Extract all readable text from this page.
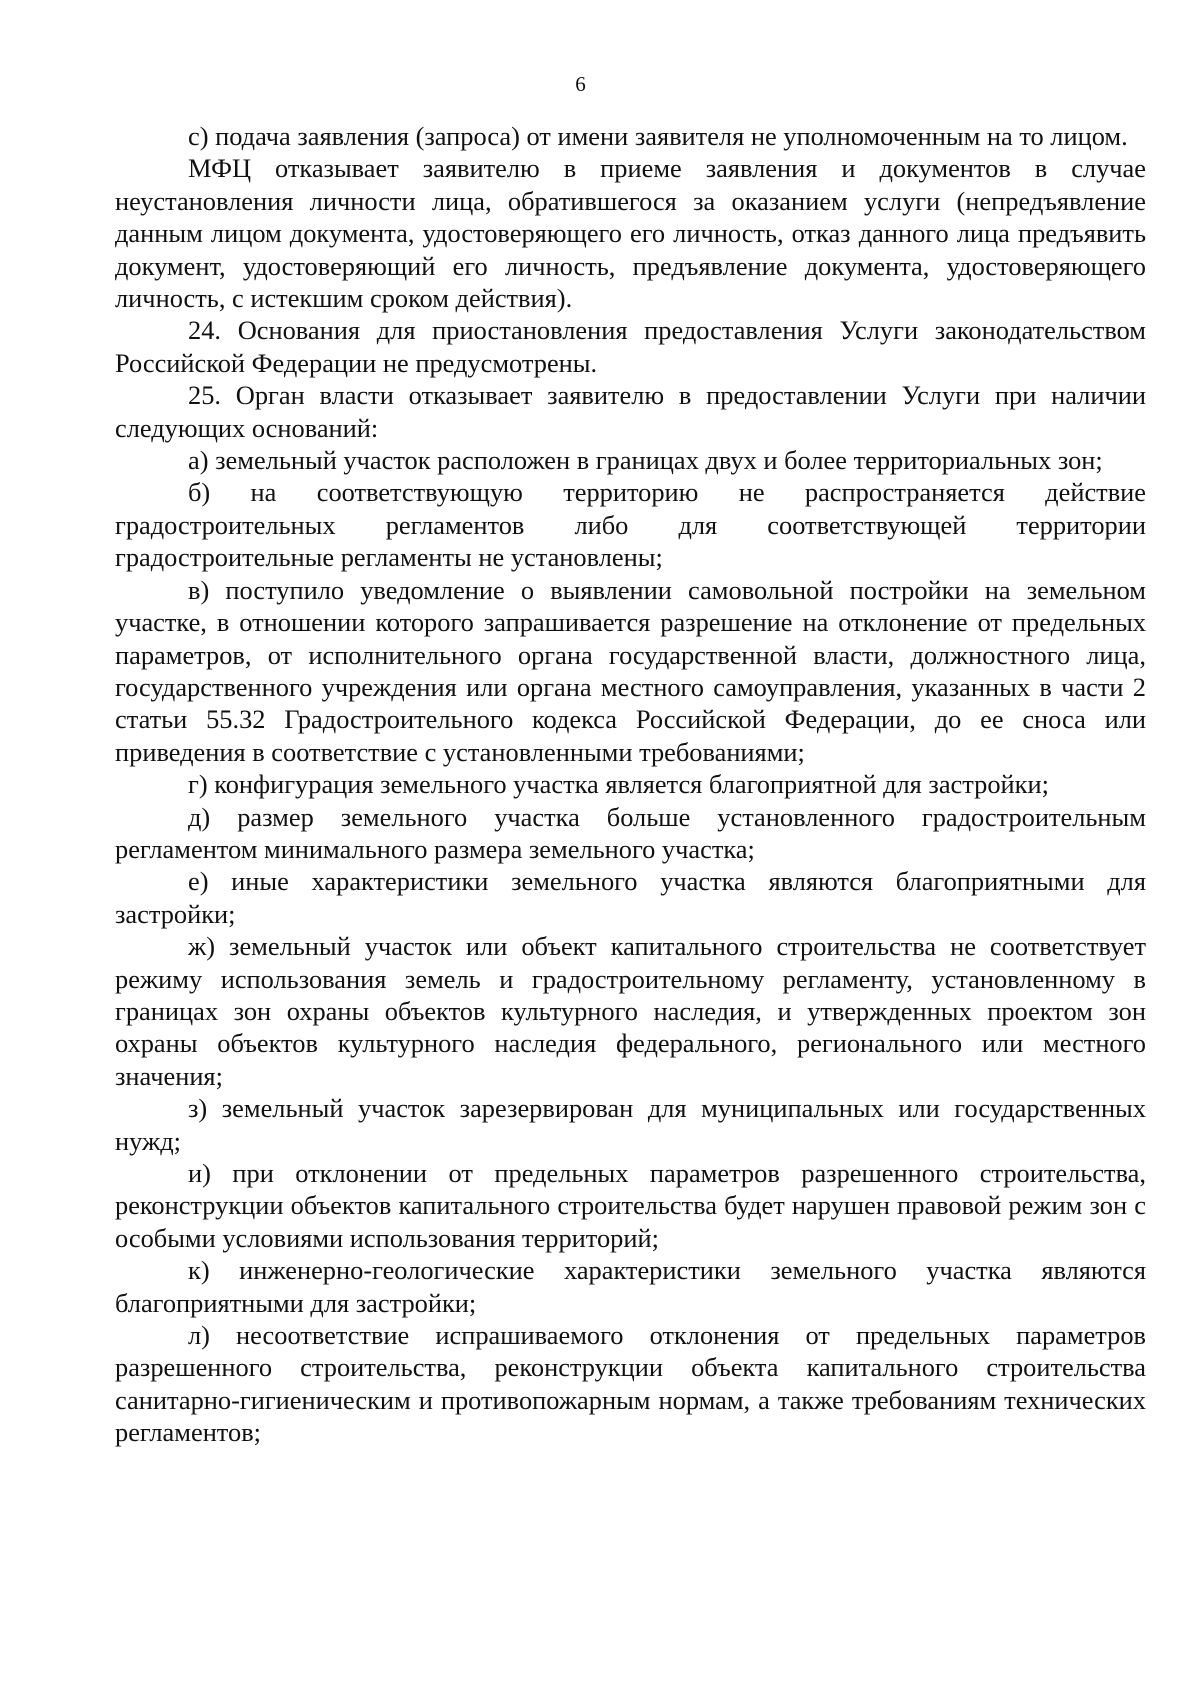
6

с) подача заявления (запроса) от имени заявителя не уполномоченным на то лицом.

МФЦ отказывает заявителю в приеме заявления и документов в случае неустановления личности лица, обратившегося за оказанием услуги (непредъявление данным лицом документа, удостоверяющего его личность, отказ данного лица предъявить документ, удостоверяющий его личность, предъявление документа, удостоверяющего личность, с истекшим сроком действия).

24. Основания для приостановления предоставления Услуги законодательством Российской Федерации не предусмотрены.

25. Орган власти отказывает заявителю в предоставлении Услуги при наличии следующих оснований:

а) земельный участок расположен в границах двух и более территориальных зон;

б) на соответствующую территорию не распространяется действие градостроительных регламентов либо для соответствующей территории градостроительные регламенты не установлены;

в) поступило уведомление о выявлении самовольной постройки на земельном участке, в отношении которого запрашивается разрешение на отклонение от предельных параметров, от исполнительного органа государственной власти, должностного лица, государственного учреждения или органа местного самоуправления, указанных в части 2 статьи 55.32 Градостроительного кодекса Российской Федерации, до ее сноса или приведения в соответствие с установленными требованиями;

г) конфигурация земельного участка является благоприятной для застройки;

д) размер земельного участка больше установленного градостроительным регламентом минимального размера земельного участка;

е) иные характеристики земельного участка являются благоприятными для застройки;

ж) земельный участок или объект капитального строительства не соответствует режиму использования земель и градостроительному регламенту, установленному в границах зон охраны объектов культурного наследия, и утвержденных проектом зон охраны объектов культурного наследия федерального, регионального или местного значения;

з) земельный участок зарезервирован для муниципальных или государственных нужд;

и) при отклонении от предельных параметров разрешенного строительства, реконструкции объектов капитального строительства будет нарушен правовой режим зон с особыми условиями использования территорий;

к) инженерно-геологические характеристики земельного участка являются благоприятными для застройки;

л) несоответствие испрашиваемого отклонения от предельных параметров разрешенного строительства, реконструкции объекта капитального строительства санитарно-гигиеническим и противопожарным нормам, а также требованиям технических регламентов;
